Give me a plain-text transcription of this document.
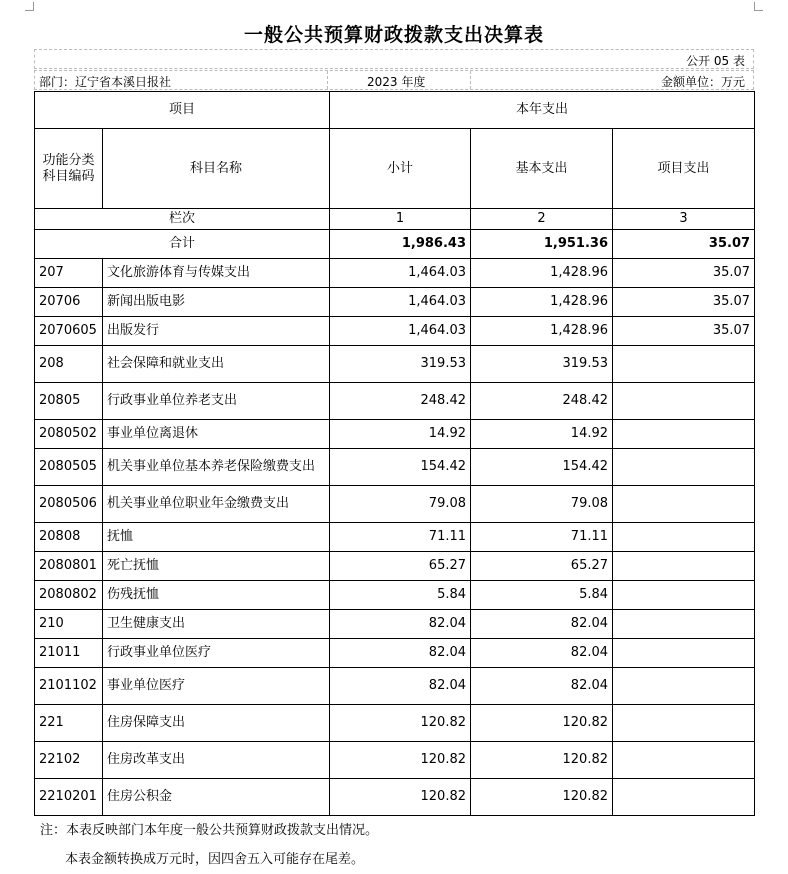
一般公共预算财政拨款支出决算表
公开 05 表
部门：辽宁省本溪日报社	2023 年度	金额单位：万元
项目		本年支出		
功能分类科目编码	科目名称	小计	基本支出	项目支出
栏次		1	2	3
合计		1,986.43	1,951.36	35.07
207	文化旅游体育与传媒支出	1,464.03	1,428.96	35.07
20706	新闻出版电影	1,464.03	1,428.96	35.07
2070605	出版发行	1,464.03	1,428.96	35.07
208	社会保障和就业支出	319.53	319.53	
20805	行政事业单位养老支出	248.42	248.42	
2080502	事业单位离退休	14.92	14.92	
2080505	机关事业单位基本养老保险缴费支出	154.42	154.42	
2080506	机关事业单位职业年金缴费支出	79.08	79.08	
20808	抚恤	71.11	71.11	
2080801	死亡抚恤	65.27	65.27	
2080802	伤残抚恤	5.84	5.84	
210	卫生健康支出	82.04	82.04	
21011	行政事业单位医疗	82.04	82.04	
2101102	事业单位医疗	82.04	82.04	
221	住房保障支出	120.82	120.82	
22102	住房改革支出	120.82	120.82	
2210201	住房公积金	120.82	120.82	
注：本表反映部门本年度一般公共预算财政拨款支出情况。
本表金额转换成万元时，因四舍五入可能存在尾差。
